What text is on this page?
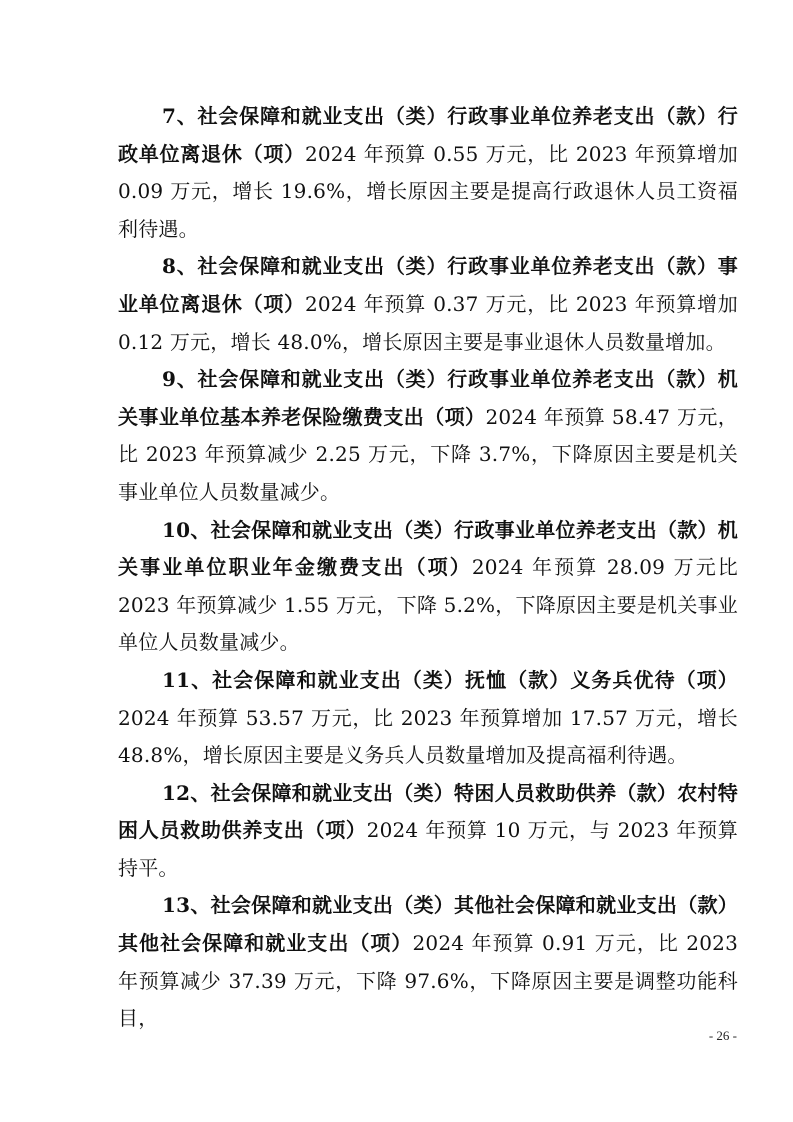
7、社会保障和就业支出（类）行政事业单位养老支出（款）行政单位离退休（项）2024 年预算 0.55 万元，比 2023 年预算增加 0.09 万元，增长 19.6%，增长原因主要是提高行政退休人员工资福利待遇。

8、社会保障和就业支出（类）行政事业单位养老支出（款）事业单位离退休（项）2024 年预算 0.37 万元，比 2023 年预算增加 0.12 万元，增长 48.0%，增长原因主要是事业退休人员数量增加。

9、社会保障和就业支出（类）行政事业单位养老支出（款）机关事业单位基本养老保险缴费支出（项）2024 年预算 58.47 万元，比 2023 年预算减少 2.25 万元，下降 3.7%，下降原因主要是机关事业单位人员数量减少。

10、社会保障和就业支出（类）行政事业单位养老支出（款）机关事业单位职业年金缴费支出（项）2024 年预算 28.09 万元比 2023 年预算减少 1.55 万元，下降 5.2%，下降原因主要是机关事业单位人员数量减少。

11、社会保障和就业支出（类）抚恤（款）义务兵优待（项）2024 年预算 53.57 万元，比 2023 年预算增加 17.57 万元，增长 48.8%，增长原因主要是义务兵人员数量增加及提高福利待遇。

12、社会保障和就业支出（类）特困人员救助供养（款）农村特困人员救助供养支出（项）2024 年预算 10 万元，与 2023 年预算持平。

13、社会保障和就业支出（类）其他社会保障和就业支出（款）其他社会保障和就业支出（项）2024 年预算 0.91 万元，比 2023 年预算减少 37.39 万元，下降 97.6%，下降原因主要是调整功能科目，

- 26 -
